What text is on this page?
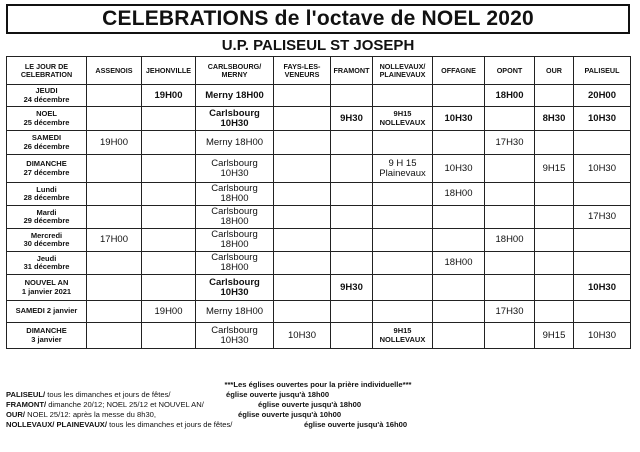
CELEBRATIONS de l'octave de NOEL 2020
U.P. PALISEUL ST JOSEPH
LE JOUR DE CELEBRATION	ASSENOIS	JEHONVILLE	CARLSBOURG/ MERNY	FAYS-LES-VENEURS	FRAMONT	NOLLEVAUX/ PLAINEVAUX	OFFAGNE	OPONT	OUR	PALISEUL

JEUDI
24 décembre		19H00	Merny 18H00					18H00		20H00

NOEL
25 décembre			Carlsbourg 10H30		9H30	9H15 NOLLEVAUX	10H30		8H30	10H30

SAMEDI
26 décembre	19H00		Merny 18H00					17H30		

DIMANCHE
27 décembre			Carlsbourg 10H30			9 H 15 Plainevaux	10H30		9H15	10H30

Lundi
28 décembre			Carlsbourg 18H00				18H00			

Mardi
29 décembre			Carlsbourg 18H00							17H30

Mercredi
30 décembre	17H00		Carlsbourg 18H00					18H00		

Jeudi
31 décembre			Carlsbourg 18H00				18H00			

NOUVEL AN
1 janvier 2021			Carlsbourg 10H30		9H30					10H30

SAMEDI 2 janvier		19H00	Merny 18H00					17H30		

DIMANCHE
3 janvier			Carlsbourg 10H30	10H30		9H15 NOLLEVAUX			9H15	10H30
***Les églises ouvertes pour la prière individuelle***
PALISEUL/ tous les dimanches et jours de fêtes/	église ouverte jusqu'à 18h00
FRAMONT/ dimanche 20/12; NOEL 25/12 et NOUVEL AN/	église ouverte jusqu'à 18h00
OUR/ NOEL 25/12: après la messe du 8h30,	église ouverte jusqu'à 10h00
NOLLEVAUX/ PLAINEVAUX/ tous les dimanches et jours de fêtes/	église ouverte jusqu'à 16h00
